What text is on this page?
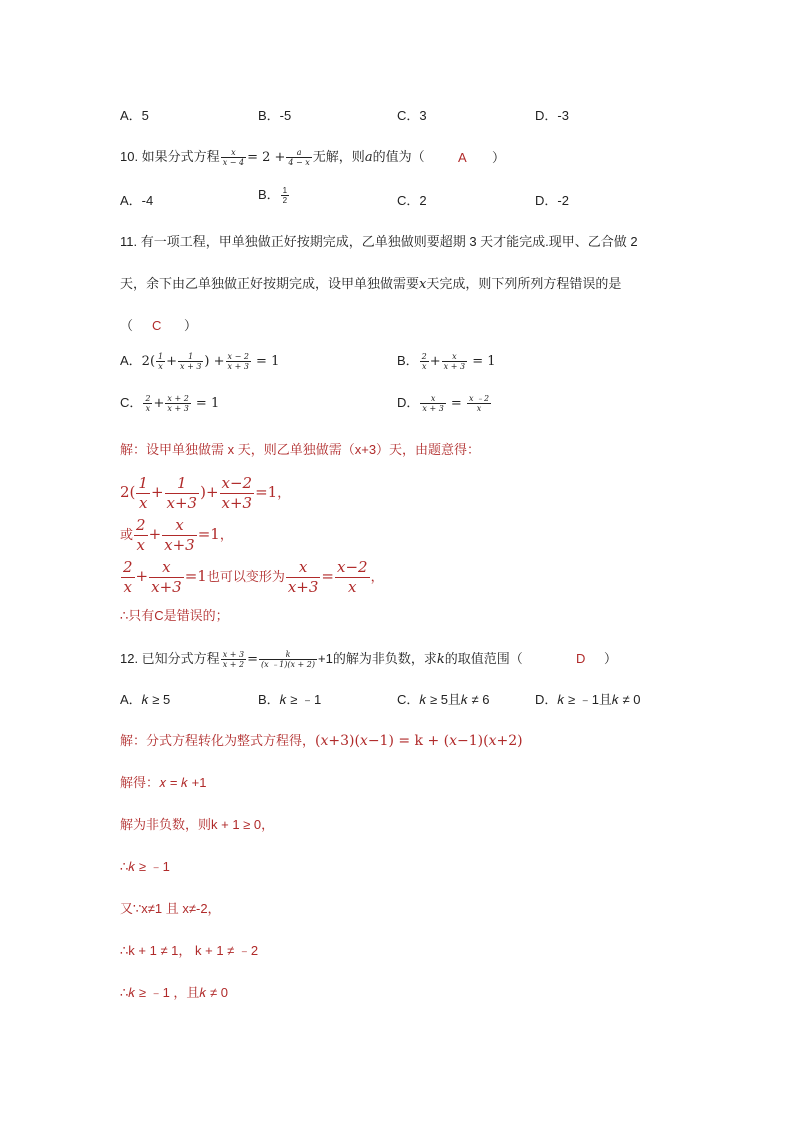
A．5	B．-5	C．3	D．-3
10. 如果分式方程 $\frac{x}{x - 4} = 2 + \frac{a}{4 - x}$ 无解，则a的值为（	A ）
A．-4	B． $\frac{1}{2}$	C．2	D．-2
11. 有一项工程，甲单独做正好按期完成，乙单独做则要超期 3 天才能完成.现甲、乙合做 2
天，余下由乙单独做正好按期完成，设甲单独做需要x天完成，则下列所列方程错误的是
（ C ）
A．$2( \frac{1}{x} + \frac{1}{x + 3}$ ) + $\frac{x - 2}{x + 3} = 1$	B． $\frac{2}{x} + \frac{x}{x + 3} = 1$
C． $\frac{2}{x} + \frac{x + 2}{x + 3} = 1$	D． $\frac{x}{x + 3} = \frac{x ﹣2}{x}$
解：设甲单独做需 x 天，则乙单独做需（x+3）天，由题意得：
$2( \frac{1}{x} + \frac{1}{x+3}$ )+ $\frac{x-2}{x+3} =1$，
或 $\frac{2}{x} + \frac{x}{x+3} =1$，
$\frac{2}{x} + \frac{x}{x+3} =1$也可以变形为 $\frac{x}{x+3} = \frac{x-2}{x}$ ，
∴只有C是错误的；
12. 已知分式方程 $\frac{x + 3}{x + 2} = \frac{k}{(x ﹣1)(x + 2)} +1$的解为非负数，求k的取值范围（	D ）
A．𝑘 ≥ 5	B．𝑘 ≥ ﹣1	C．𝑘 ≥ 5且𝑘 ≠ 6	D．𝑘 ≥ ﹣1且𝑘 ≠ 0
解：分式方程转化为整式方程得，(𝑥+3)(𝑥−1) = k + (𝑥−1)(𝑥+2)
解得：𝑥 = 𝑘 +1
解为非负数，则k + 1 ≥ 0，
∴𝑘 ≥ ﹣1
又∵x≠1 且 x≠-2，
∴k + 1 ≠ 1， k + 1 ≠ ﹣2
∴𝑘 ≥ ﹣1 ，且𝑘 ≠ 0
